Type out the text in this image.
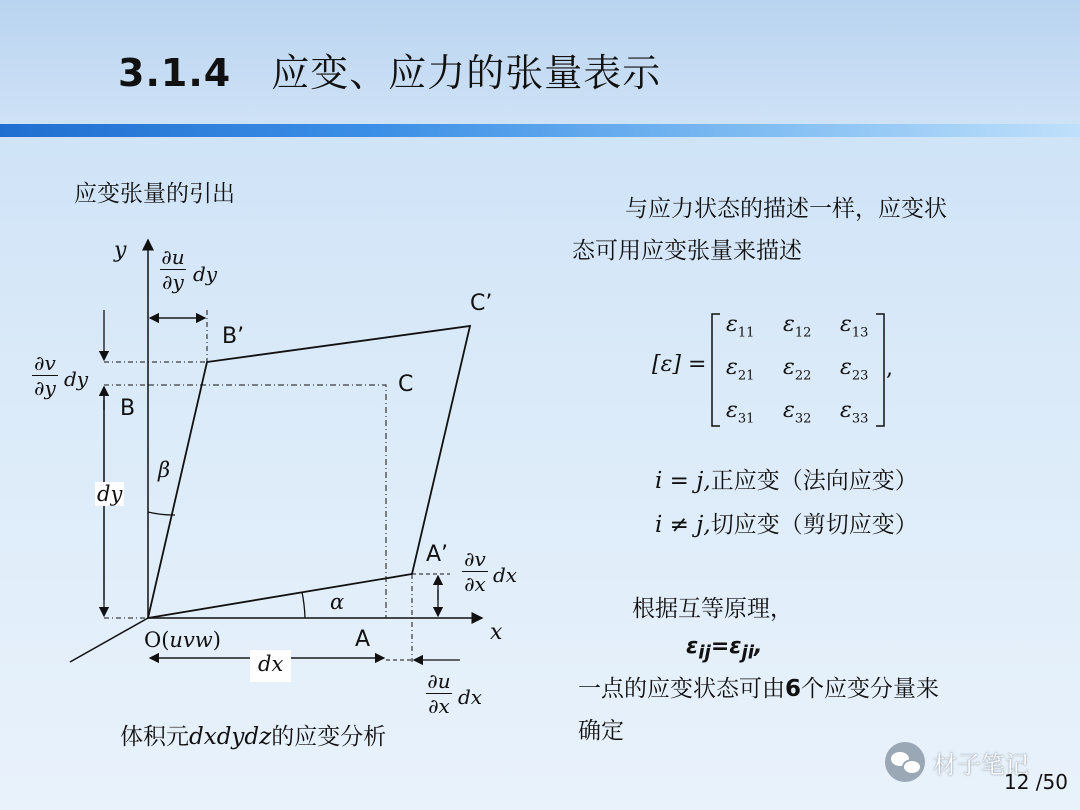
3.1.4 应变、应力的张量表示
应变张量的引出
y
x
∂u
∂y dy
∂v
∂y dy
B
B’
C
C’
A
A’
O(uvw)
dy
dx
β
α
∂v
∂x dx
∂u
∂x dx
体积元dxdydz的应变分析
与应力状态的描述一样，应变状
态可用应变张量来描述
[ε] =
$\varepsilon_{11}$ $\varepsilon_{12}$ $\varepsilon_{13}$
$\varepsilon_{21}$ $\varepsilon_{22}$ $\varepsilon_{23}$
$\varepsilon_{31}$ $\varepsilon_{32}$ $\varepsilon_{33}$
,
i = j,正应变（法向应变）
i ≠ j,切应变（剪切应变）
根据互等原理，
$\varepsilon_{ij}=\varepsilon_{ji}$,
一点的应变状态可由6个应变分量来
确定
材子笔记
12 /50
